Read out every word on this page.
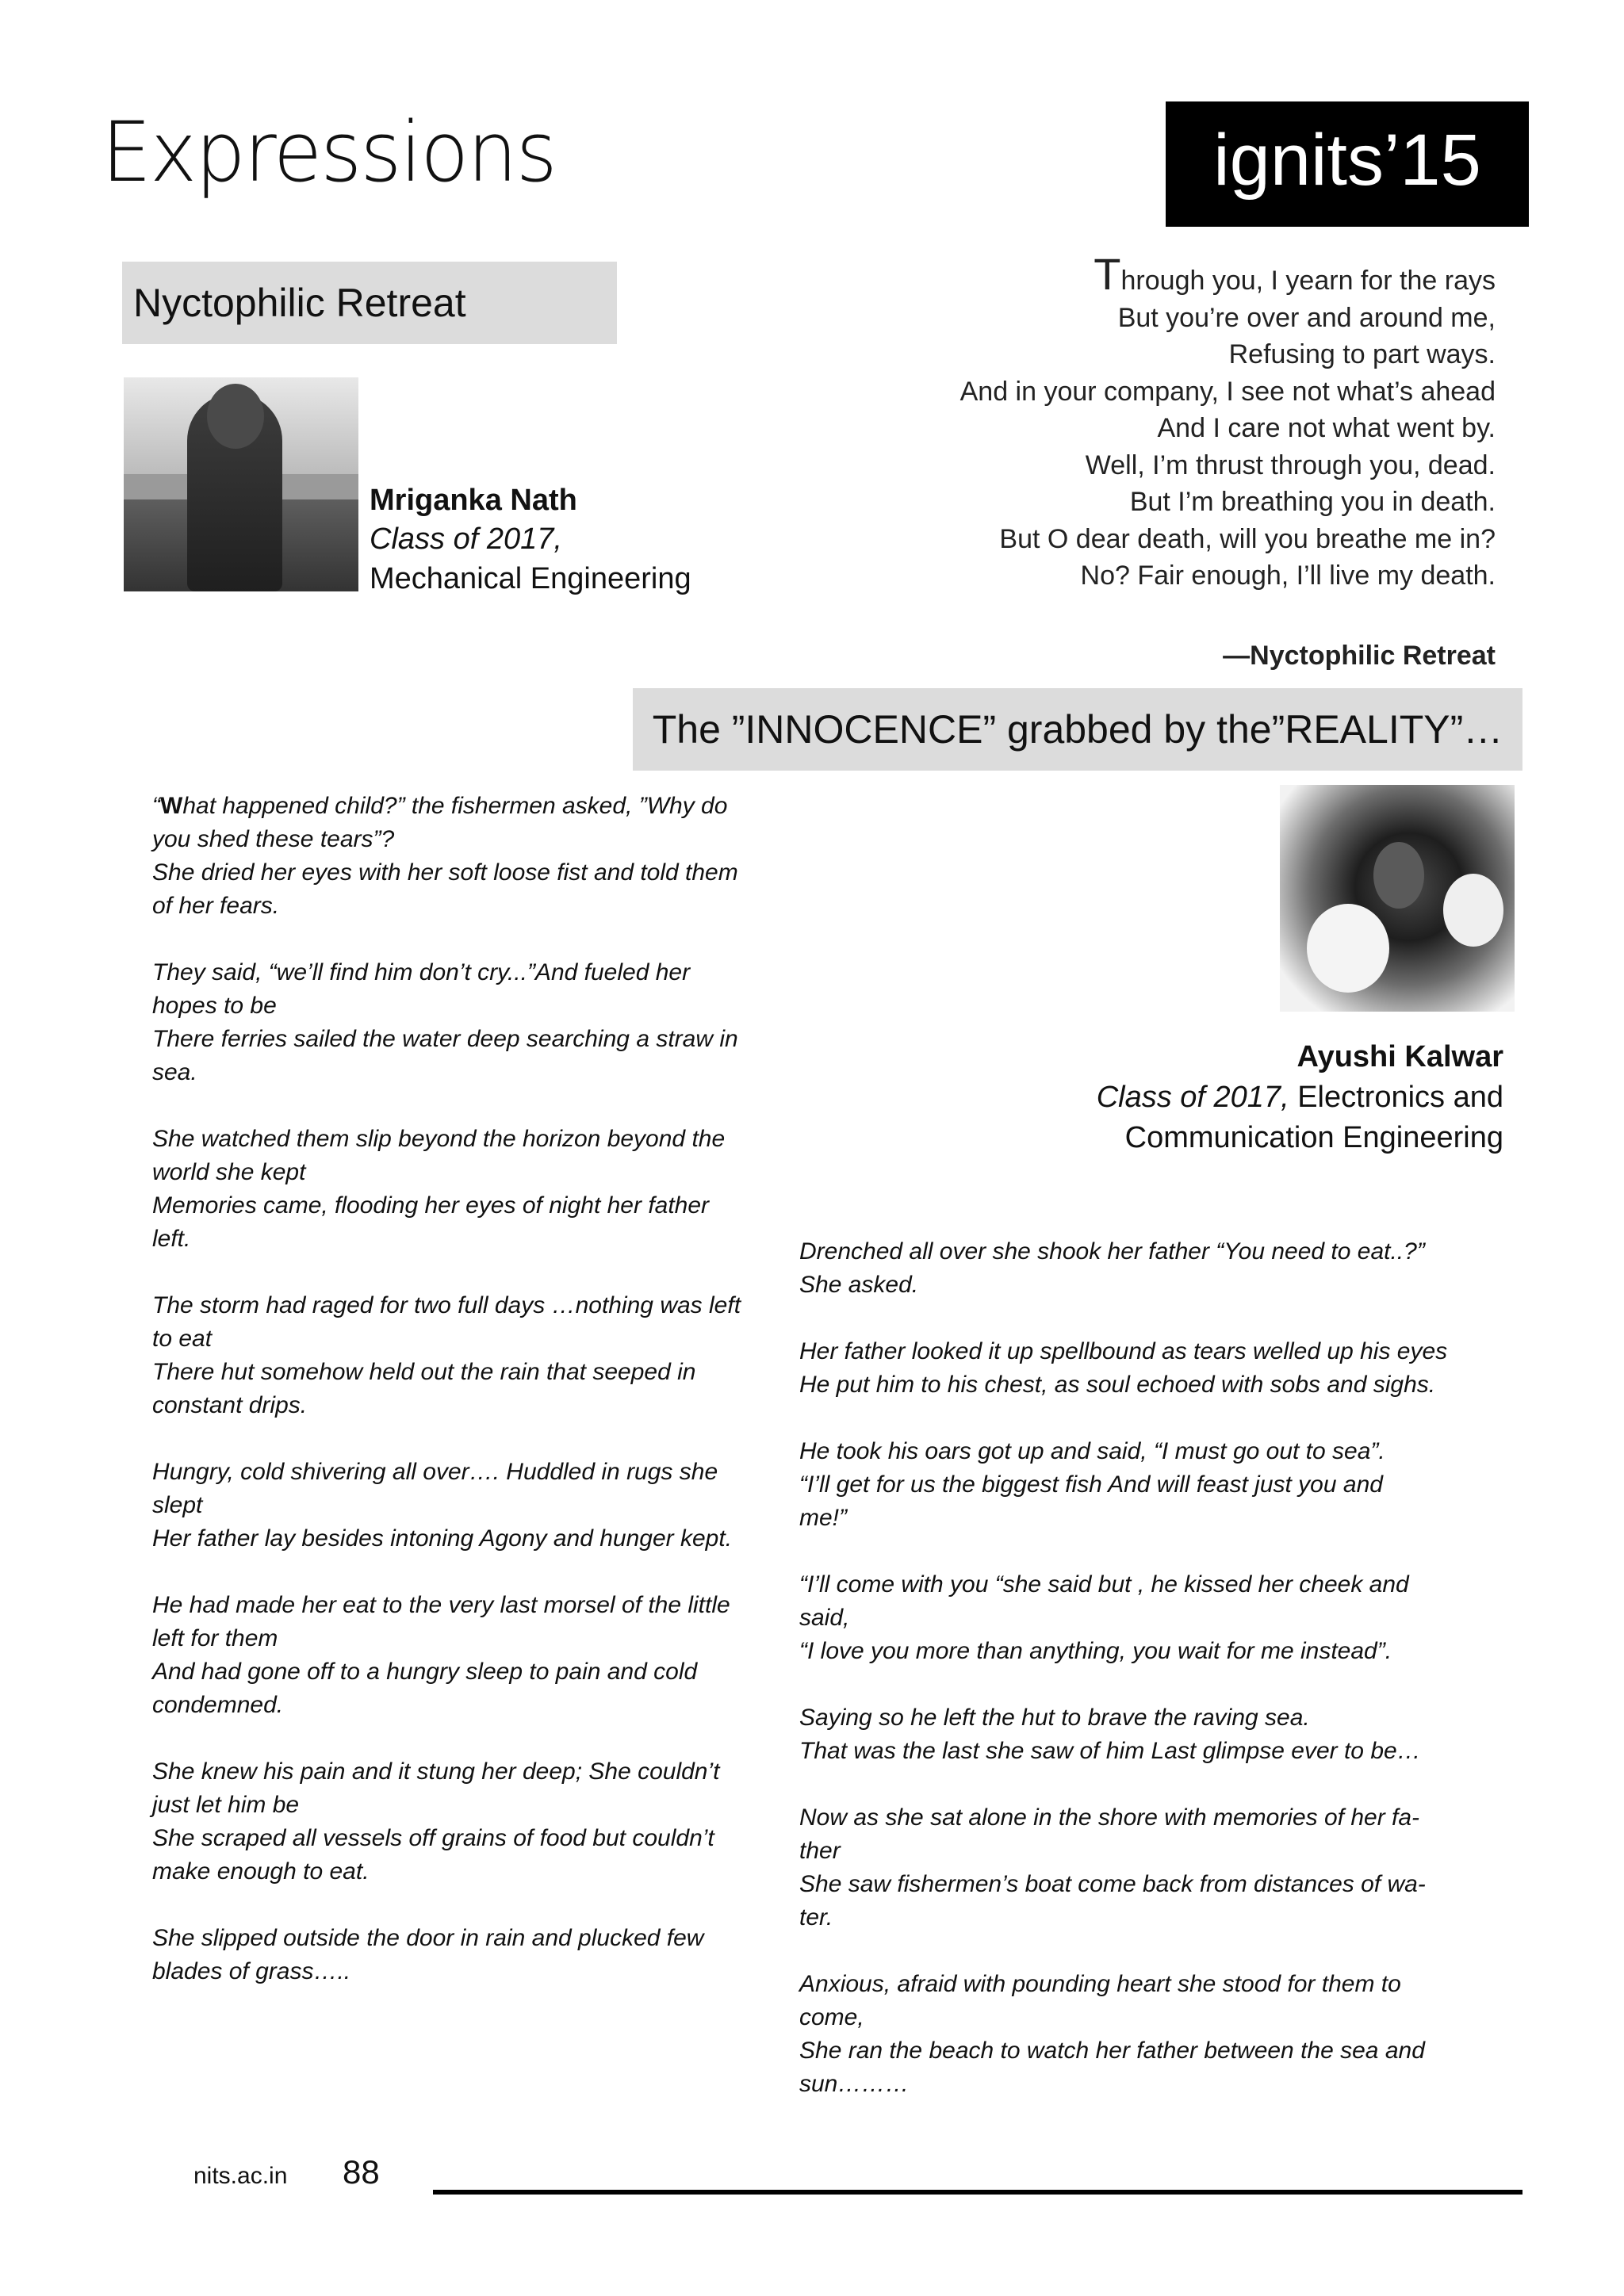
Expressions	ignits’15
Nyctophilic Retreat
Mriganka Nath
Class of 2017,
Mechanical Engineering
Through you, I yearn for the rays
But you’re over and around me,
Refusing to part ways.
And in your company, I see not what’s ahead
And I care not what went by.
Well, I’m thrust through you, dead.
But I’m breathing you in death.
But O dear death, will you breathe me in?
No? Fair enough, I’ll live my death.
—Nyctophilic Retreat
The ”INNOCENCE” grabbed by the”REALITY”…
Ayushi Kalwar
Class of 2017, Electronics and
Communication Engineering
“What happened child?” the fishermen asked, ”Why do
you shed these tears”?
She dried her eyes with her soft loose fist and told them
of her fears.
They said, “we’ll find him don’t cry...”And fueled her
hopes to be
There ferries sailed the water deep searching a straw in
sea.
She watched them slip beyond the horizon beyond the
world she kept
Memories came, flooding her eyes of night her father
left.
The storm had raged for two full days …nothing was left
to eat
There hut somehow held out the rain that seeped in
constant drips.
Hungry, cold shivering all over…. Huddled in rugs she
slept
Her father lay besides intoning Agony and hunger kept.
He had made her eat to the very last morsel of the little
left for them
And had gone off to a hungry sleep to pain and cold
condemned.
She knew his pain and it stung her deep; She couldn’t
just let him be
She scraped all vessels off grains of food but couldn’t
make enough to eat.
She slipped outside the door in rain and plucked few
blades of grass…..
Drenched all over she shook her father “You need to eat..?”
She asked.
Her father looked it up spellbound as tears welled up his eyes
He put him to his chest, as soul echoed with sobs and sighs.
He took his oars got up and said, “I must go out to sea”.
“I’ll get for us the biggest fish And will feast just you and
me!”
“I’ll come with you “she said but , he kissed her cheek and
said,
“I love you more than anything, you wait for me instead”.
Saying so he left the hut to brave the raving sea.
That was the last she saw of him Last glimpse ever to be…
Now as she sat alone in the shore with memories of her fa-
ther
She saw fishermen’s boat come back from distances of wa-
ter.
Anxious, afraid with pounding heart she stood for them to
come,
She ran the beach to watch her father between the sea and
sun………
nits.ac.in 88
